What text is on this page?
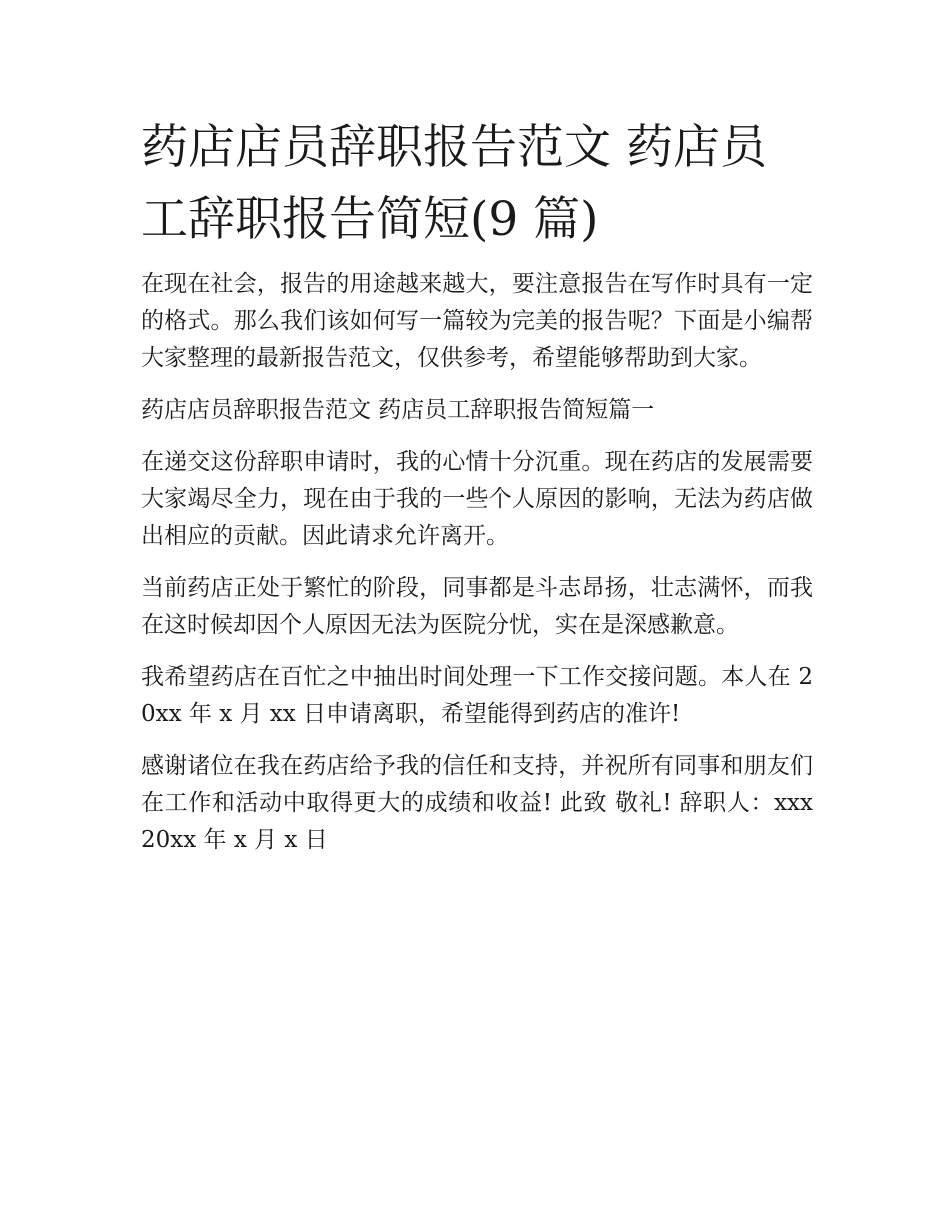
药店店员辞职报告范文 药店员工辞职报告简短(9 篇)

在现在社会，报告的用途越来越大，要注意报告在写作时具有一定的格式。那么我们该如何写一篇较为完美的报告呢？下面是小编帮大家整理的最新报告范文，仅供参考，希望能够帮助到大家。

药店店员辞职报告范文 药店员工辞职报告简短篇一

在递交这份辞职申请时，我的心情十分沉重。现在药店的发展需要大家竭尽全力，现在由于我的一些个人原因的影响，无法为药店做出相应的贡献。因此请求允许离开。

当前药店正处于繁忙的阶段，同事都是斗志昂扬，壮志满怀，而我在这时候却因个人原因无法为医院分忧，实在是深感歉意。

我希望药店在百忙之中抽出时间处理一下工作交接问题。本人在 20xx 年 x 月 xx 日申请离职，希望能得到药店的准许!

感谢诸位在我在药店给予我的信任和支持，并祝所有同事和朋友们在工作和活动中取得更大的成绩和收益! 此致 敬礼! 辞职人：xxx 20xx 年 x 月 x 日
